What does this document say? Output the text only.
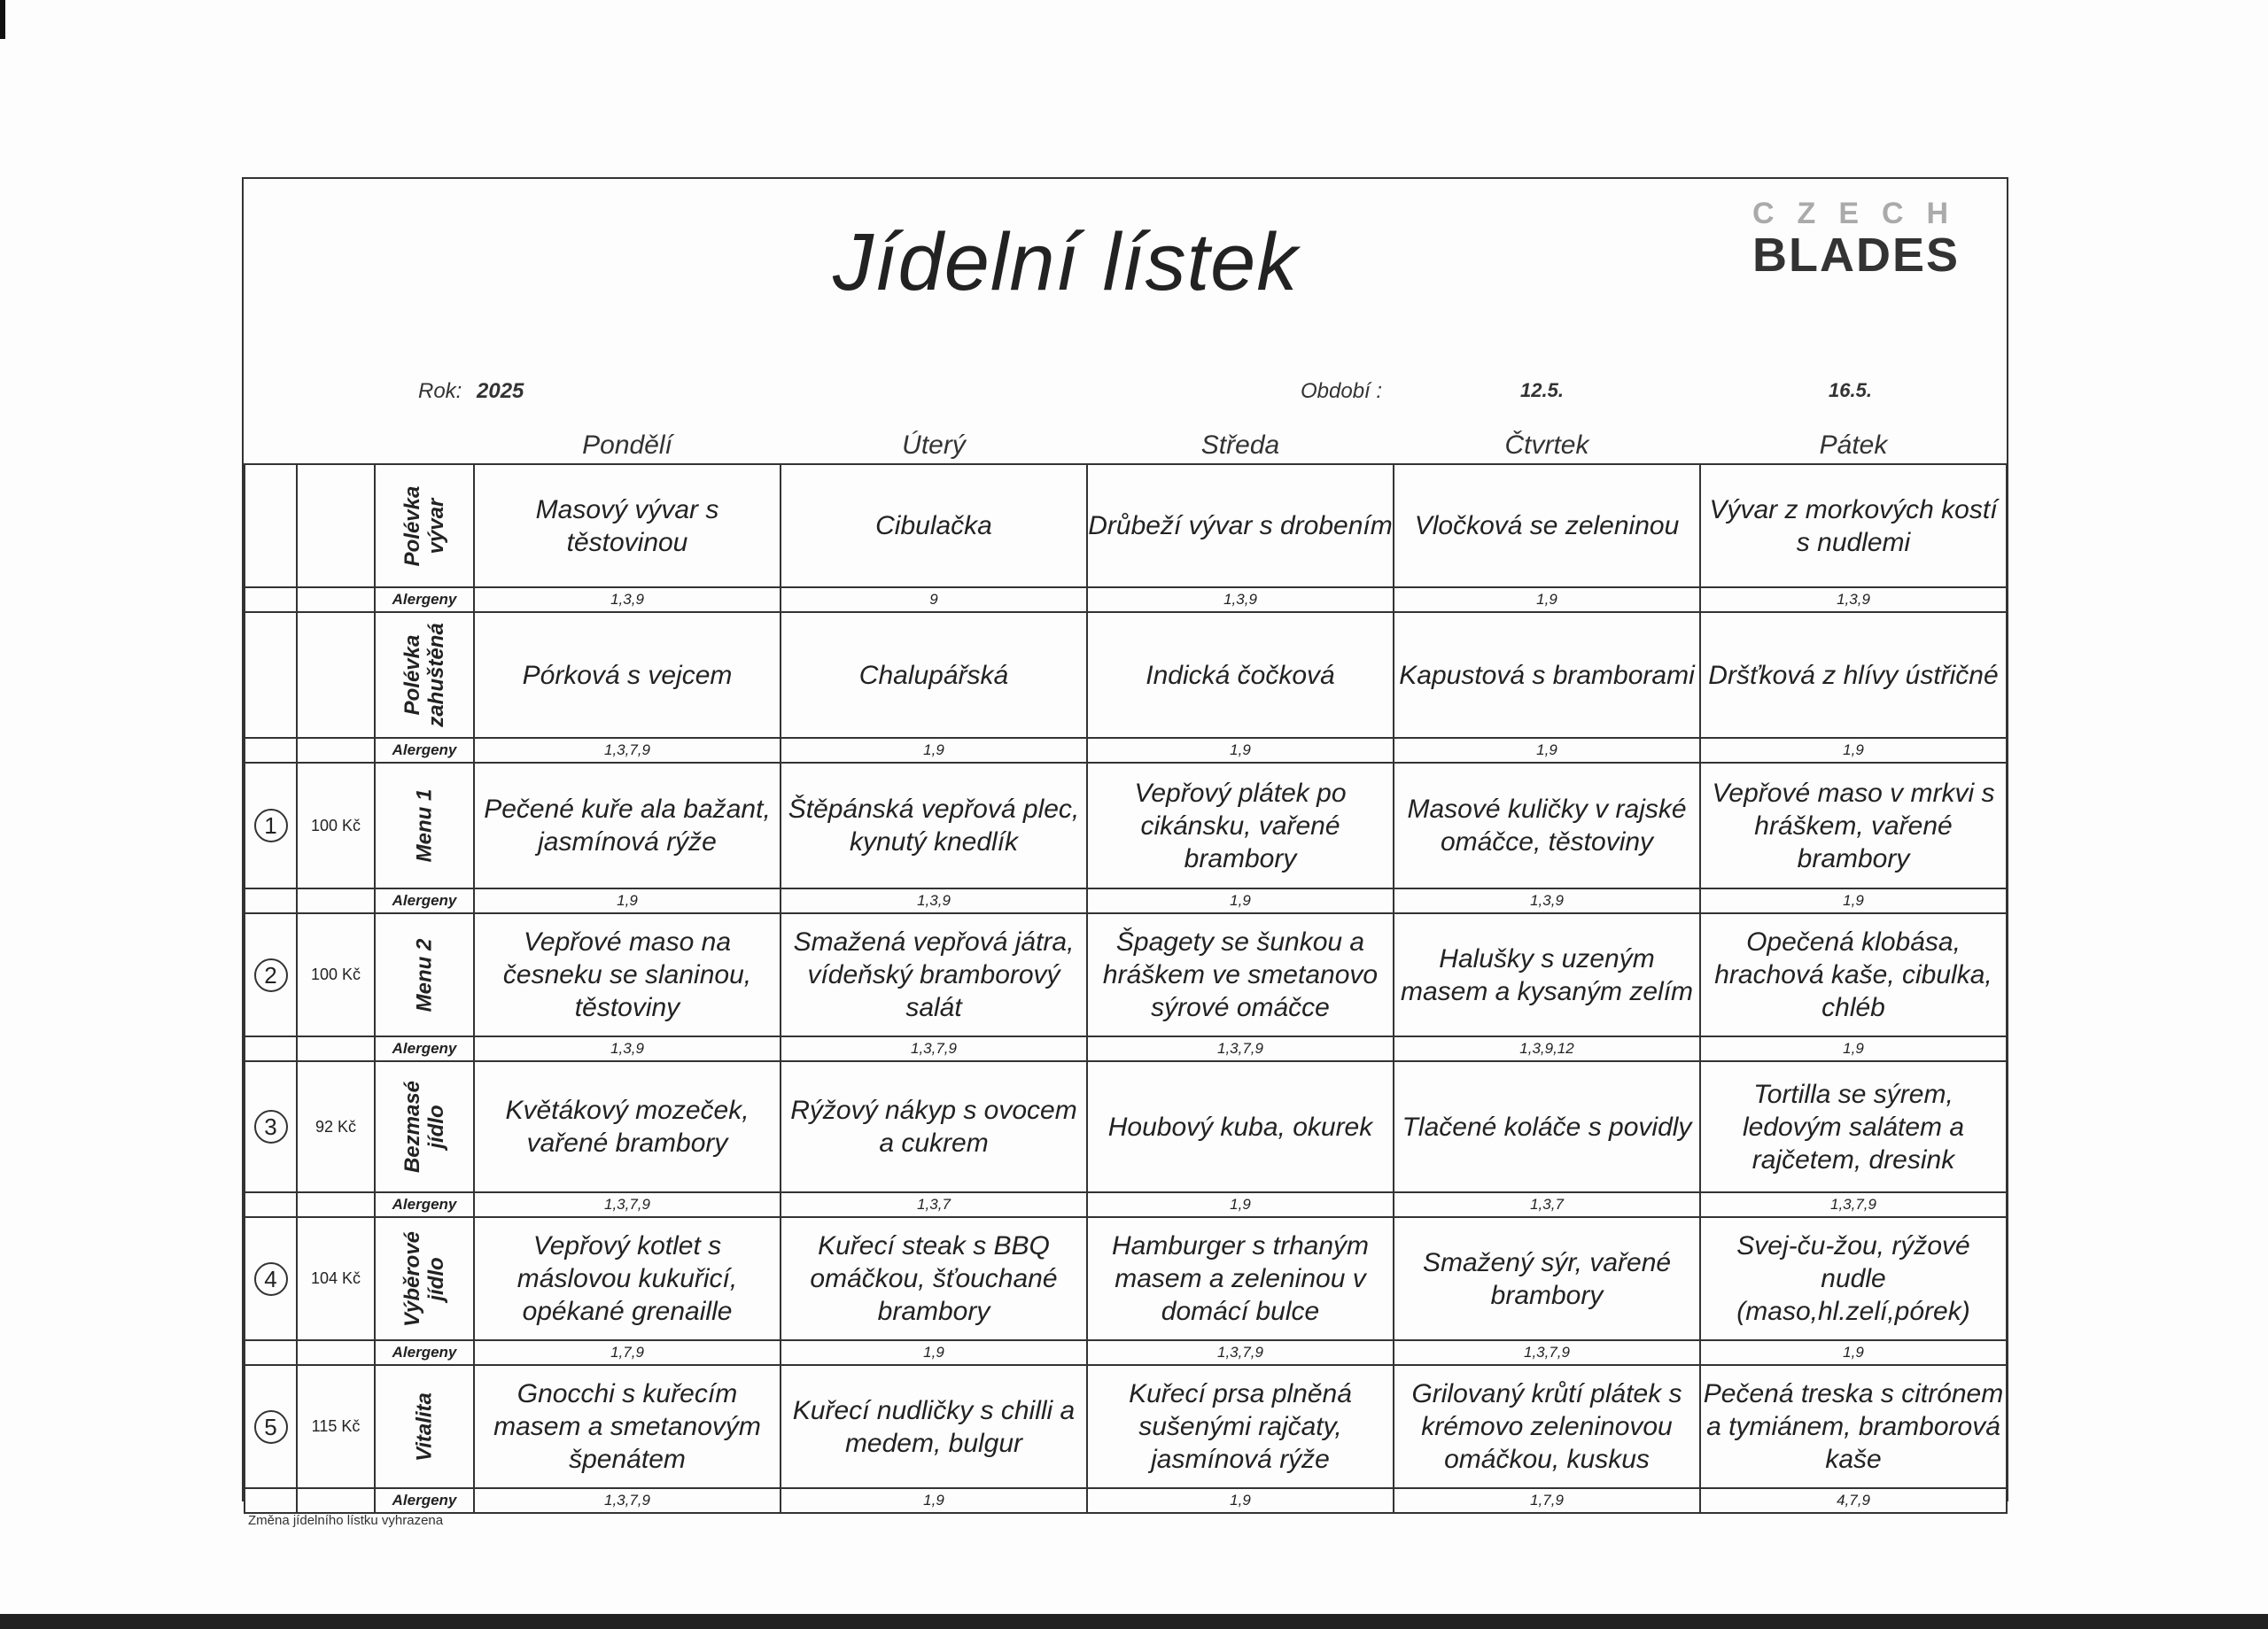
Jídelní lístek
CZECH
BLADES
Rok: 2025	Období :	12.5.	16.5.
Pondělí	Úterý	Středa	Čtvrtek	Pátek

		Polévka vývar	Masový vývar s těstovinou	Cibulačka	Drůbeží vývar s drobením	Vločková se zeleninou	Vývar z morkových kostí s nudlemi
		Alergeny	1,3,9	9	1,3,9	1,9	1,3,9

		Polévka zahuštěná	Pórková s vejcem	Chalupářská	Indická čočková	Kapustová s bramborami	Dršťková z hlívy ústřičné
		Alergeny	1,3,7,9	1,9	1,9	1,9	1,9
1	100 Kč	Menu 1	Pečené kuře ala bažant, jasmínová rýže	Štěpánská vepřová plec, kynutý knedlík	Vepřový plátek po cikánsku, vařené brambory	Masové kuličky v rajské omáčce, těstoviny	Vepřové maso v mrkvi s hráškem, vařené brambory
		Alergeny	1,9	1,3,9	1,9	1,3,9	1,9
2	100 Kč	Menu 2	Vepřové maso na česneku se slaninou, těstoviny	Smažená vepřová játra, vídeňský bramborový salát	Špagety se šunkou a hráškem ve smetanovo sýrové omáčce	Halušky s uzeným masem a kysaným zelím	Opečená klobása, hrachová kaše, cibulka, chléb
		Alergeny	1,3,9	1,3,7,9	1,3,7,9	1,3,9,12	1,9
3	92 Kč	Bezmasé jídlo	Květákový mozeček, vařené brambory	Rýžový nákyp s ovocem a cukrem	Houbový kuba, okurek	Tlačené koláče s povidly	Tortilla se sýrem, ledovým salátem a rajčetem, dresink
		Alergeny	1,3,7,9	1,3,7	1,9	1,3,7	1,3,7,9
4	104 Kč	Výběrové jídlo	Vepřový kotlet s máslovou kukuřicí, opékané grenaille	Kuřecí steak s BBQ omáčkou, šťouchané brambory	Hamburger s trhaným masem a zeleninou v domácí bulce	Smažený sýr, vařené brambory	Svej-ču-žou, rýžové nudle (maso,hl.zelí,pórek)
		Alergeny	1,7,9	1,9	1,3,7,9	1,3,7,9	1,9
5	115 Kč	Vitalita	Gnocchi s kuřecím masem a smetanovým špenátem	Kuřecí nudličky s chilli a medem, bulgur	Kuřecí prsa plněná sušenými rajčaty, jasmínová rýže	Grilovaný krůtí plátek s krémovo zeleninovou omáčkou, kuskus	Pečená treska s citrónem a tymiánem, bramborová kaše
		Alergeny	1,3,7,9	1,9	1,9	1,7,9	4,7,9
Změna jídelního lístku vyhrazena
